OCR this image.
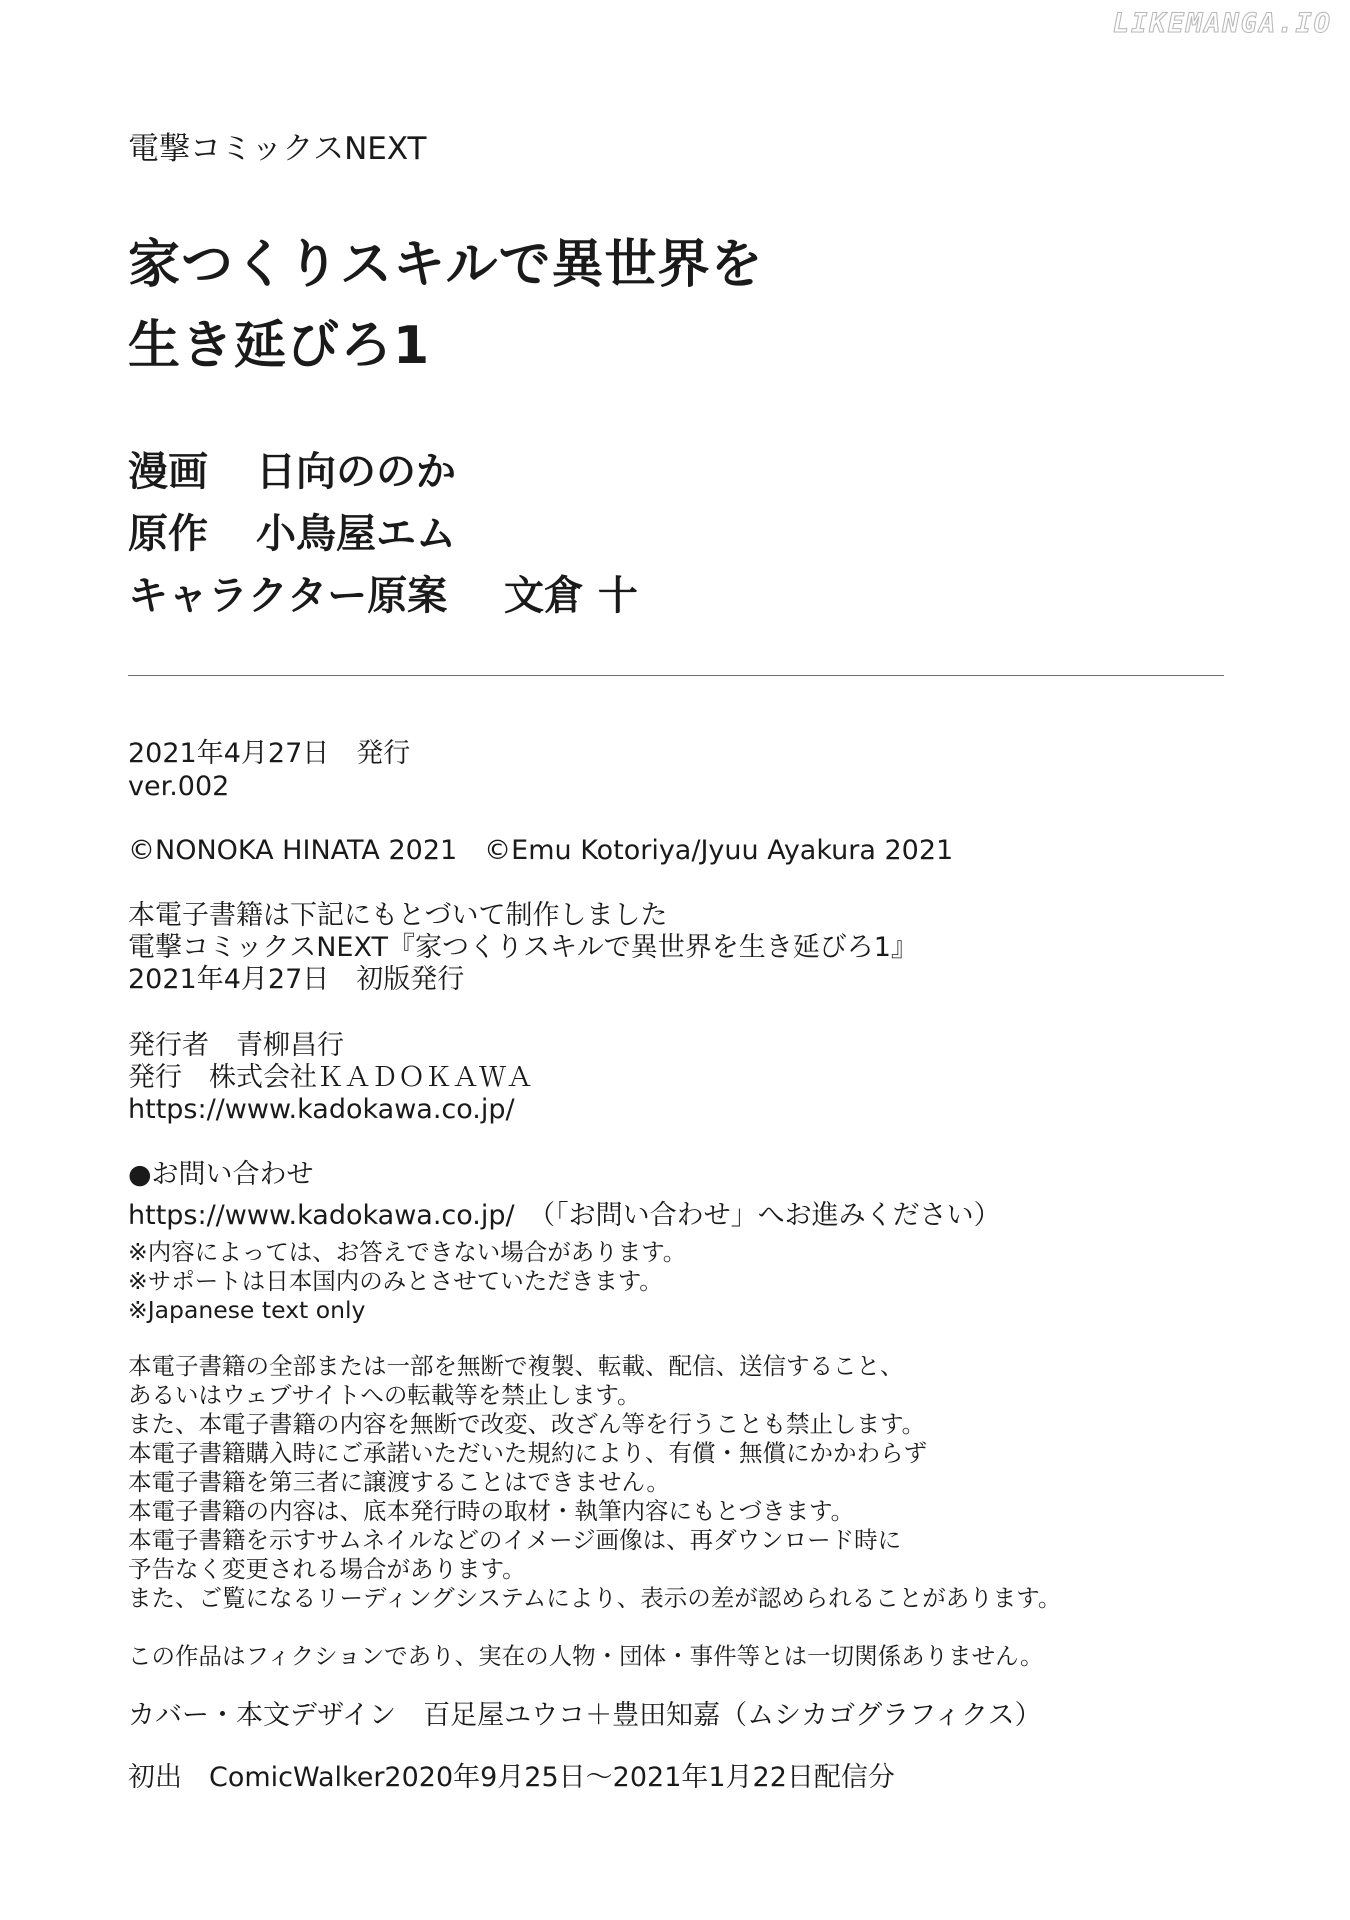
LIKEMANGA.IO
電撃コミックスNEXT
家つくりスキルで異世界を
生き延びろ1
漫画 日向ののか
原作 小鳥屋エム
キャラクター原案 文倉 十
2021年4月27日　発行
ver.002
©NONOKA HINATA 2021　©Emu Kotoriya/Jyuu Ayakura 2021
本電子書籍は下記にもとづいて制作しました
電撃コミックスNEXT『家つくりスキルで異世界を生き延びろ1』
2021年4月27日　初版発行
発行者　青柳昌行
発行　株式会社ＫＡＤＯＫＡＷＡ
https://www.kadokawa.co.jp/
●お問い合わせ
https://www.kadokawa.co.jp/　（「お問い合わせ」へお進みください）
※内容によっては、お答えできない場合があります。
※サポートは日本国内のみとさせていただきます。
※Japanese text only
本電子書籍の全部または一部を無断で複製、転載、配信、送信すること、
あるいはウェブサイトへの転載等を禁止します。
また、本電子書籍の内容を無断で改変、改ざん等を行うことも禁止します。
本電子書籍購入時にご承諾いただいた規約により、有償・無償にかかわらず
本電子書籍を第三者に譲渡することはできません。
本電子書籍の内容は、底本発行時の取材・執筆内容にもとづきます。
本電子書籍を示すサムネイルなどのイメージ画像は、再ダウンロード時に
予告なく変更される場合があります。
また、ご覧になるリーディングシステムにより、表示の差が認められることがあります。
この作品はフィクションであり、実在の人物・団体・事件等とは一切関係ありません。
カバー・本文デザイン　百足屋ユウコ＋豊田知嘉（ムシカゴグラフィクス）
初出　ComicWalker2020年9月25日〜2021年1月22日配信分
